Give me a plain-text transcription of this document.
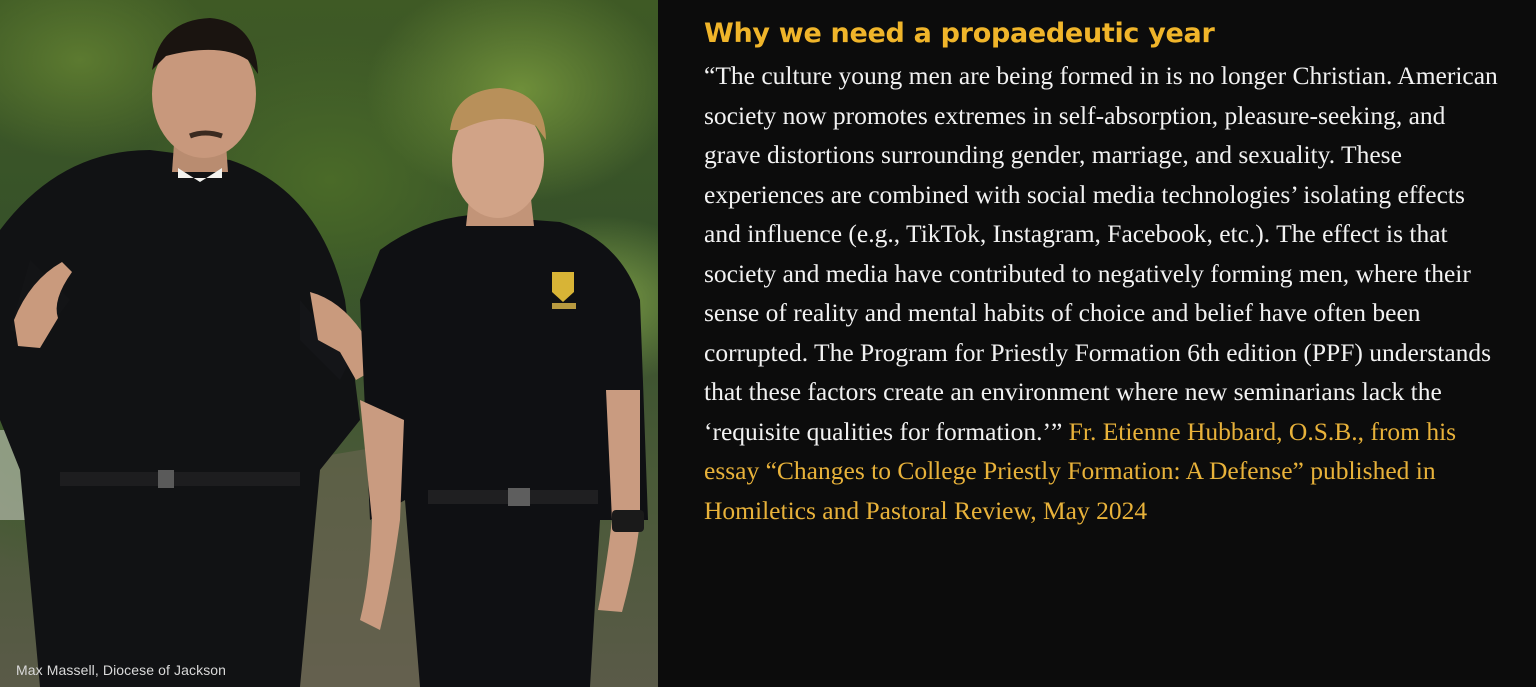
Max Massell, Diocese of Jackson
Why we need a propaedeutic year

“The culture young men are being formed in is no longer Christian. American society now promotes extremes in self-absorption, pleasure-seeking, and grave distortions surrounding gender, marriage, and sexuality. These experiences are combined with social media technologies’ isolating effects and influence (e.g., TikTok, Instagram, Facebook, etc.). The effect is that society and media have contributed to negatively forming men, where their sense of reality and mental habits of choice and belief have often been corrupted. The Program for Priestly Formation 6th edition (PPF) understands that these factors create an environment where new seminarians lack the ‘requisite qualities for formation.’” Fr. Etienne Hubbard, O.S.B., from his essay “Changes to College Priestly Formation: A Defense” published in Homiletics and Pastoral Review, May 2024
